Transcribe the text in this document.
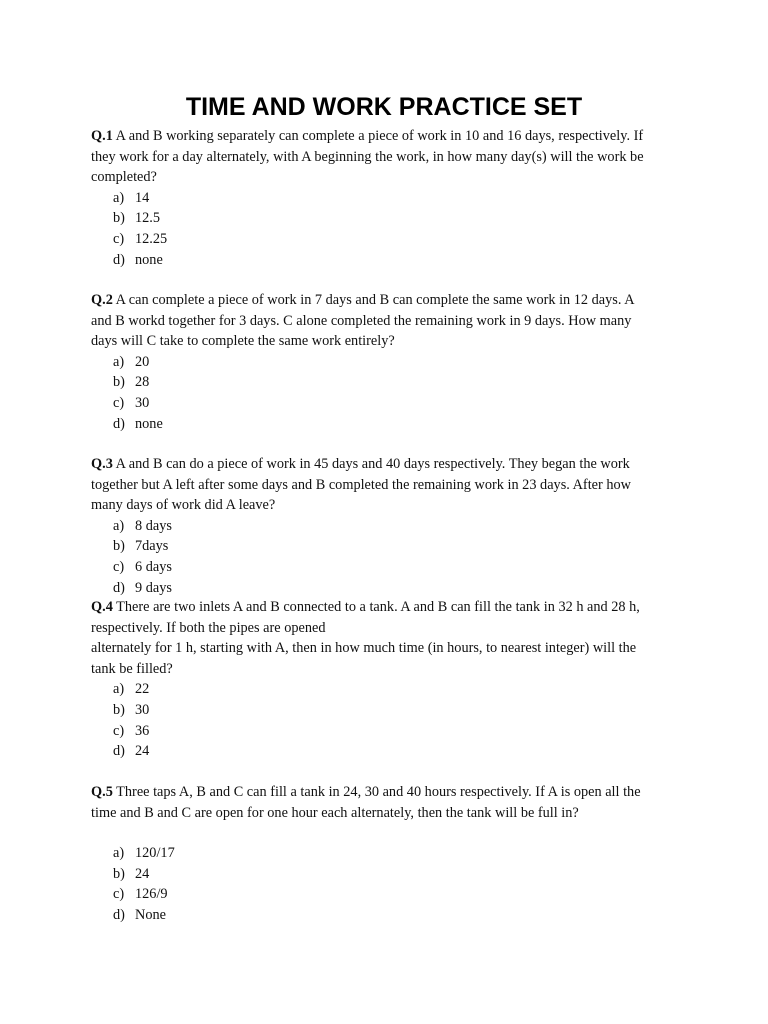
TIME AND WORK PRACTICE SET

Q.1 A and B working separately can complete a piece of work in 10 and 16 days, respectively. If
they work for a day alternately, with A beginning the work, in how many day(s) will the work be
completed?

a) 14
b) 12.5
c) 12.25
d) none

Q.2 A can complete a piece of work in 7 days and B can complete the same work in 12 days. A
and B workd together for 3 days. C alone completed the remaining work in 9 days. How many
days will C take to complete the same work entirely?

a) 20
b) 28
c) 30
d) none

Q.3 A and B can do a piece of work in 45 days and 40 days respectively. They began the work
together but A left after some days and B completed the remaining work in 23 days. After how
many days of work did A leave?

a) 8 days
b) 7days
c) 6 days
d) 9 days

Q.4 There are two inlets A and B connected to a tank. A and B can fill the tank in 32 h and 28 h,
respectively. If both the pipes are opened
alternately for 1 h, starting with A, then in how much time (in hours, to nearest integer) will the
tank be filled?

a) 22
b) 30
c) 36
d) 24

Q.5 Three taps A, B and C can fill a tank in 24, 30 and 40 hours respectively. If A is open all the
time and B and C are open for one hour each alternately, then the tank will be full in?

a) 120/17
b) 24
c) 126/9
d) None
